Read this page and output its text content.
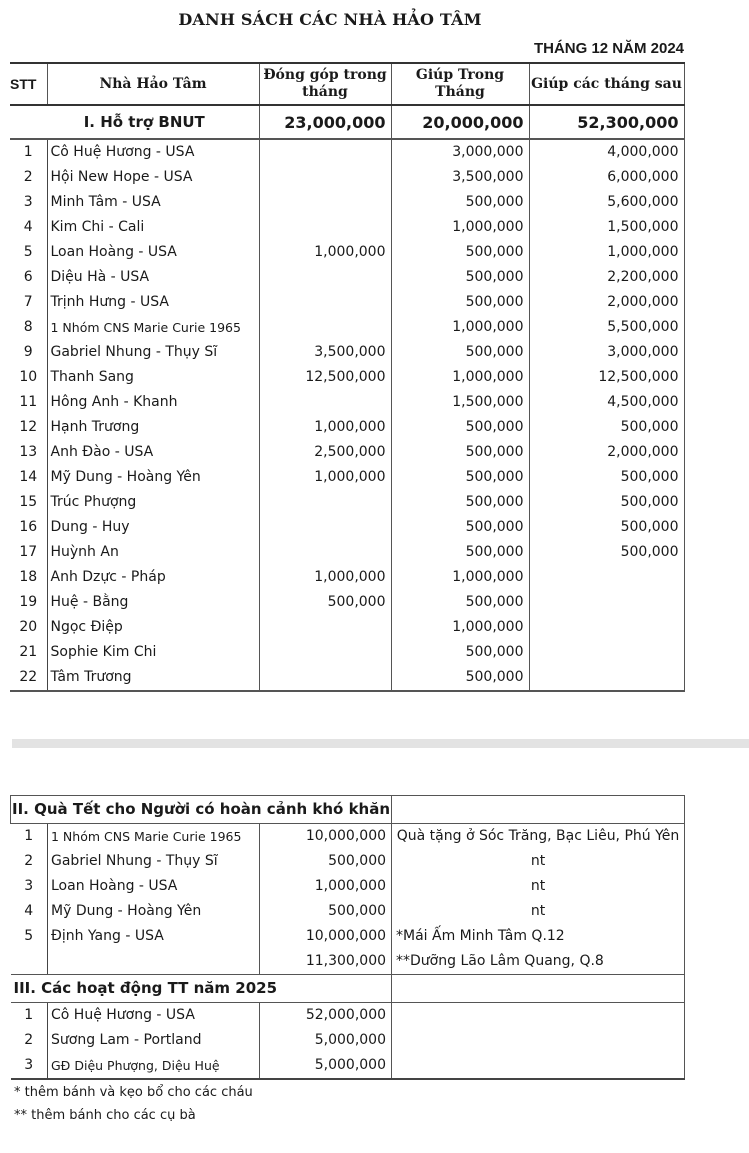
DANH SÁCH CÁC NHÀ HẢO TÂM
THÁNG 12 NĂM 2024
STT	Nhà Hảo Tâm	Đóng góp trong tháng	Giúp Trong Tháng	Giúp các tháng sau
I. Hỗ trợ BNUT		23,000,000	20,000,000	52,300,000
1	Cô Huệ Hương - USA		3,000,000	4,000,000
2	Hội New Hope - USA		3,500,000	6,000,000
3	Minh Tâm - USA		500,000	5,600,000
4	Kim Chi - Cali		1,000,000	1,500,000
5	Loan Hoàng - USA	1,000,000	500,000	1,000,000
6	Diệu Hà - USA		500,000	2,200,000
7	Trịnh Hưng - USA		500,000	2,000,000
8	1 Nhóm CNS Marie Curie 1965		1,000,000	5,500,000
9	Gabriel Nhung - Thụy Sĩ	3,500,000	500,000	3,000,000
10	Thanh Sang	12,500,000	1,000,000	12,500,000
11	Hông Anh - Khanh		1,500,000	4,500,000
12	Hạnh Trương	1,000,000	500,000	500,000
13	Anh Đào - USA	2,500,000	500,000	2,000,000
14	Mỹ Dung - Hoàng Yên	1,000,000	500,000	500,000
15	Trúc Phượng		500,000	500,000
16	Dung - Huy		500,000	500,000
17	Huỳnh An		500,000	500,000
18	Anh Dzực - Pháp	1,000,000	1,000,000	
19	Huệ - Bằng	500,000	500,000	
20	Ngọc Điệp		1,000,000	
21	Sophie Kim Chi		500,000	
22	Tâm Trương		500,000	
II. Quà Tết cho Người có hoàn cảnh khó khăn			
1	1 Nhóm CNS Marie Curie 1965	10,000,000	Quà tặng ở Sóc Trăng, Bạc Liêu, Phú Yên
2	Gabriel Nhung - Thụy Sĩ	500,000	nt
3	Loan Hoàng - USA	1,000,000	nt
4	Mỹ Dung - Hoàng Yên	500,000	nt
5	Định Yang - USA	10,000,000	*Mái Ấm Minh Tâm Q.12
		11,300,000	**Dưỡng Lão Lâm Quang, Q.8
III. Các hoạt động TT năm 2025			
1	Cô Huệ Hương - USA	52,000,000	
2	Sương Lam - Portland	5,000,000	
3	GĐ Diệu Phượng, Diệu Huệ	5,000,000	
* thêm bánh và kẹo bổ cho các cháu
** thêm bánh cho các cụ bà
